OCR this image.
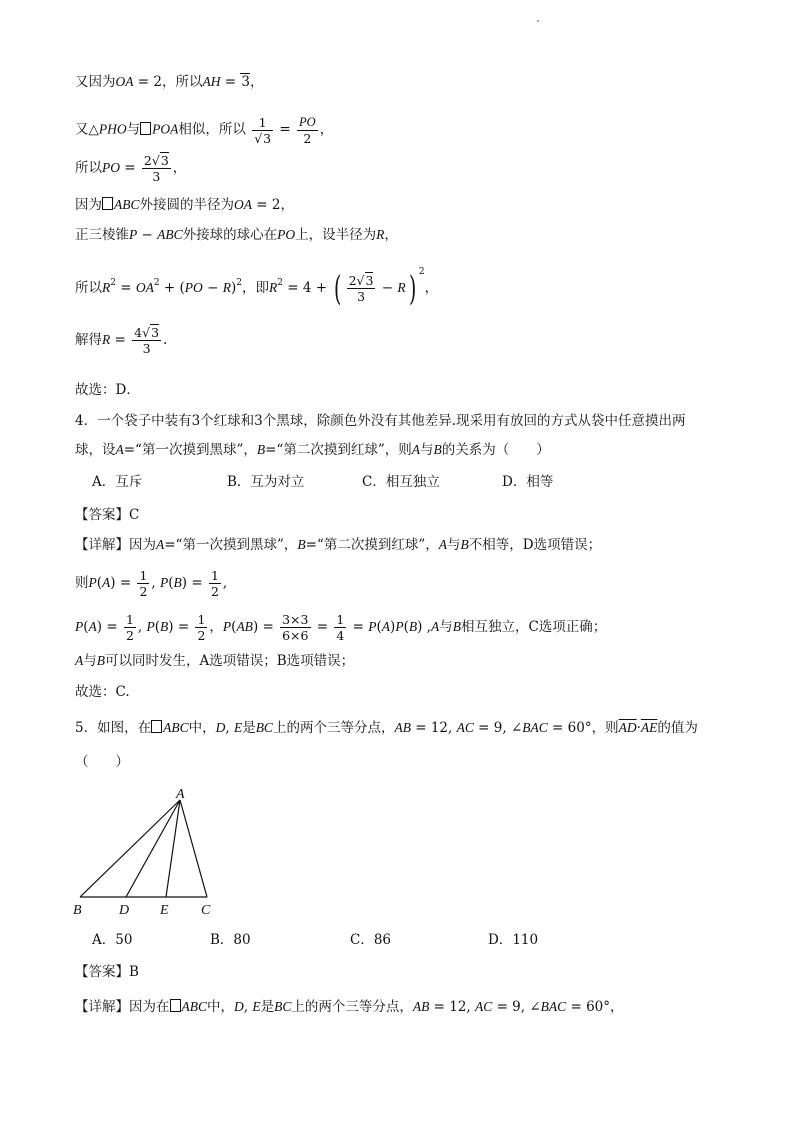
又因为OA = 2，所以AH = 3，
又△PHO与 POA相似，所以 $\frac{1}{√3} = \frac{PO}{2}$ ，
所以PO = $\frac{2√3}{3}$ ，
因为 ABC外接圆的半径为OA = 2，
正三棱锥P − ABC外接球的球心在PO上，设半径为R，
所以$R^2 = OA^2 + (PO - R)^2$，即$R^2 = 4$ + ( $\frac{2√3}{3} - R$) $^2$，
解得$R = \frac{4√3}{3}$ .
故选：D．
4．一个袋子中装有3个红球和3个黑球，除颜色外没有其他差异.现采用有放回的方式从袋中任意摸出两
球，设A=“第一次摸到黑球”，B=“第二次摸到红球”，则A与B的关系为（　　）
A．互斥	B．互为对立	C．相互独立	D．相等
【答案】C
【详解】因为A=“第一次摸到黑球”，B=“第二次摸到红球”，A与B不相等，D选项错误；
则$P(A) = \frac{1}{2}$ , $P(B) = \frac{1}{2}$ ,
$P(A) = \frac{1}{2}$ , $P(B) = \frac{1}{2}$ ，$P(AB) = \frac{3\times 3}{6\times 6} = \frac{1}{4} = P(A)P(B)$ ,A与B相互独立，C选项正确；
A与B可以同时发生，A选项错误；B选项错误；
故选：C.
5．如图，在 ABC中，D, E是BC上的两个三等分点，AB = 12, AC = 9, ∠BAC = 60°，则$\overline{AD}\cdot\overline{AE}$的值为
（　　）
A
B	D E C
A．50	B．80	C．86	D．110
【答案】B
【详解】因为在 ABC中，D, E是BC上的两个三等分点，AB = 12, AC = 9, ∠BAC = 60°，
